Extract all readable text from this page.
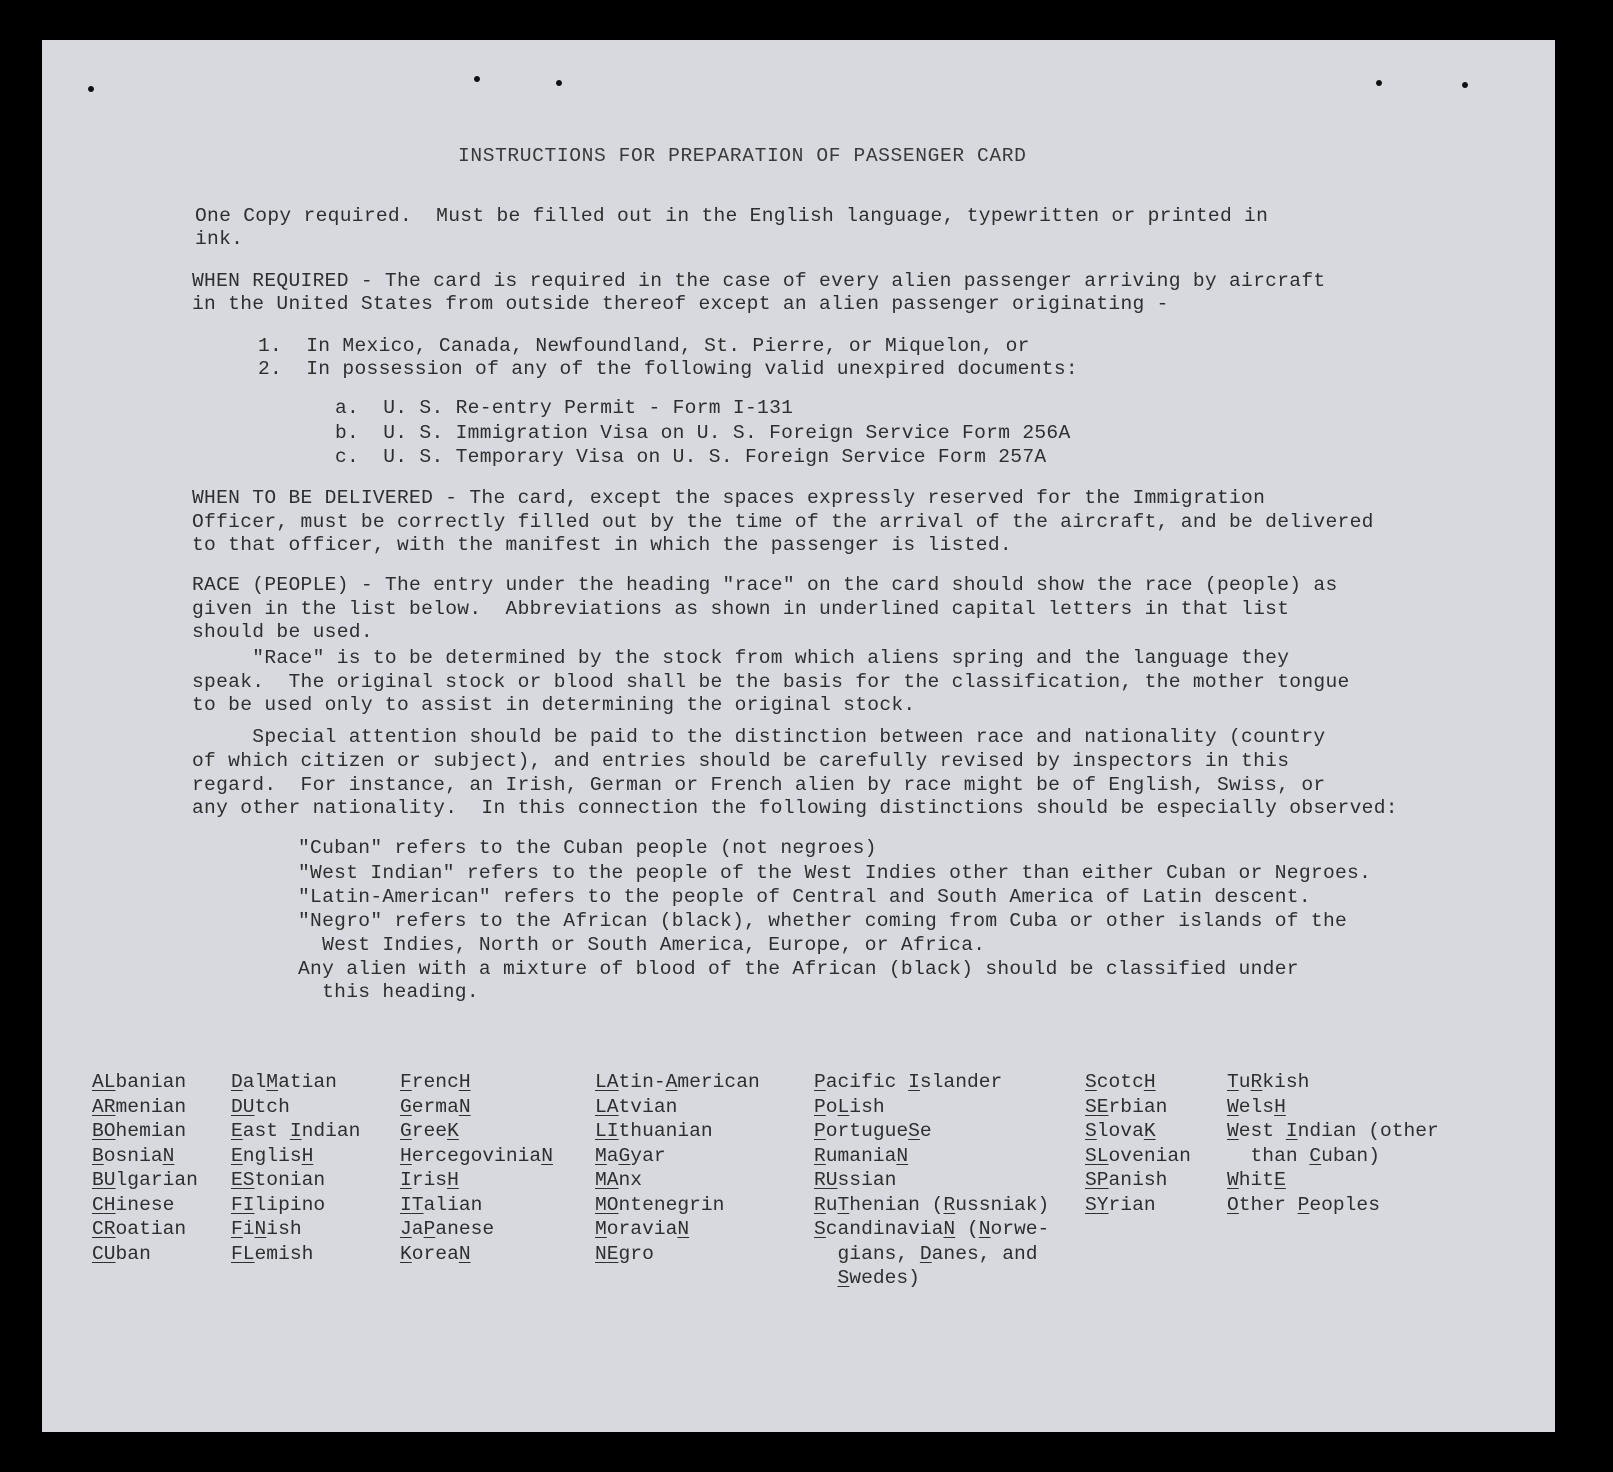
INSTRUCTIONS FOR PREPARATION OF PASSENGER CARD
One Copy required.  Must be filled out in the English language, typewritten or printed in
ink.
WHEN REQUIRED - The card is required in the case of every alien passenger arriving by aircraft
in the United States from outside thereof except an alien passenger originating -
1.  In Mexico, Canada, Newfoundland, St. Pierre, or Miquelon, or
2.  In possession of any of the following valid unexpired documents:
a.  U. S. Re-entry Permit - Form I-131
b.  U. S. Immigration Visa on U. S. Foreign Service Form 256A
c.  U. S. Temporary Visa on U. S. Foreign Service Form 257A
WHEN TO BE DELIVERED - The card, except the spaces expressly reserved for the Immigration
Officer, must be correctly filled out by the time of the arrival of the aircraft, and be delivered
to that officer, with the manifest in which the passenger is listed.
RACE (PEOPLE) - The entry under the heading "race" on the card should show the race (people) as
given in the list below.  Abbreviations as shown in underlined capital letters in that list
should be used.
"Race" is to be determined by the stock from which aliens spring and the language they
speak.  The original stock or blood shall be the basis for the classification, the mother tongue
to be used only to assist in determining the original stock.
Special attention should be paid to the distinction between race and nationality (country
of which citizen or subject), and entries should be carefully revised by inspectors in this
regard.  For instance, an Irish, German or French alien by race might be of English, Swiss, or
any other nationality.  In this connection the following distinctions should be especially observed:
"Cuban" refers to the Cuban people (not negroes)
"West Indian" refers to the people of the West Indies other than either Cuban or Negroes.
"Latin-American" refers to the people of Central and South America of Latin descent.
"Negro" refers to the African (black), whether coming from Cuba or other islands of the
West Indies, North or South America, Europe, or Africa.
Any alien with a mixture of blood of the African (black) should be classified under
this heading.
ALbanian
ARmenian
BOhemian
BosniaN
BUlgarian
CHinese
CRoatian
CUban
DalMatian
DUtch
East Indian
EnglisH
EStonian
FIlipino
FiNish
FLemish
FrencH
GermaN
GreeK
HercegoviniaN
IrisH
ITalian
JaPanese
KoreaN
LAtin-American
LAtvian
LIthuanian
MaGyar
MAnx
MOntenegrin
MoraviaN
NEgro
Pacific Islander
PoLish
PortugueSe
RumaniaN
RUssian
RuThenian (Russniak)
ScandinaviaN (Norwe-
gians, Danes, and
Swedes)
ScotcH
SErbian
SlovaK
SLovenian
SPanish
SYrian
TuRkish
WelsH
West Indian (other
than Cuban)
WhitE
Other Peoples
